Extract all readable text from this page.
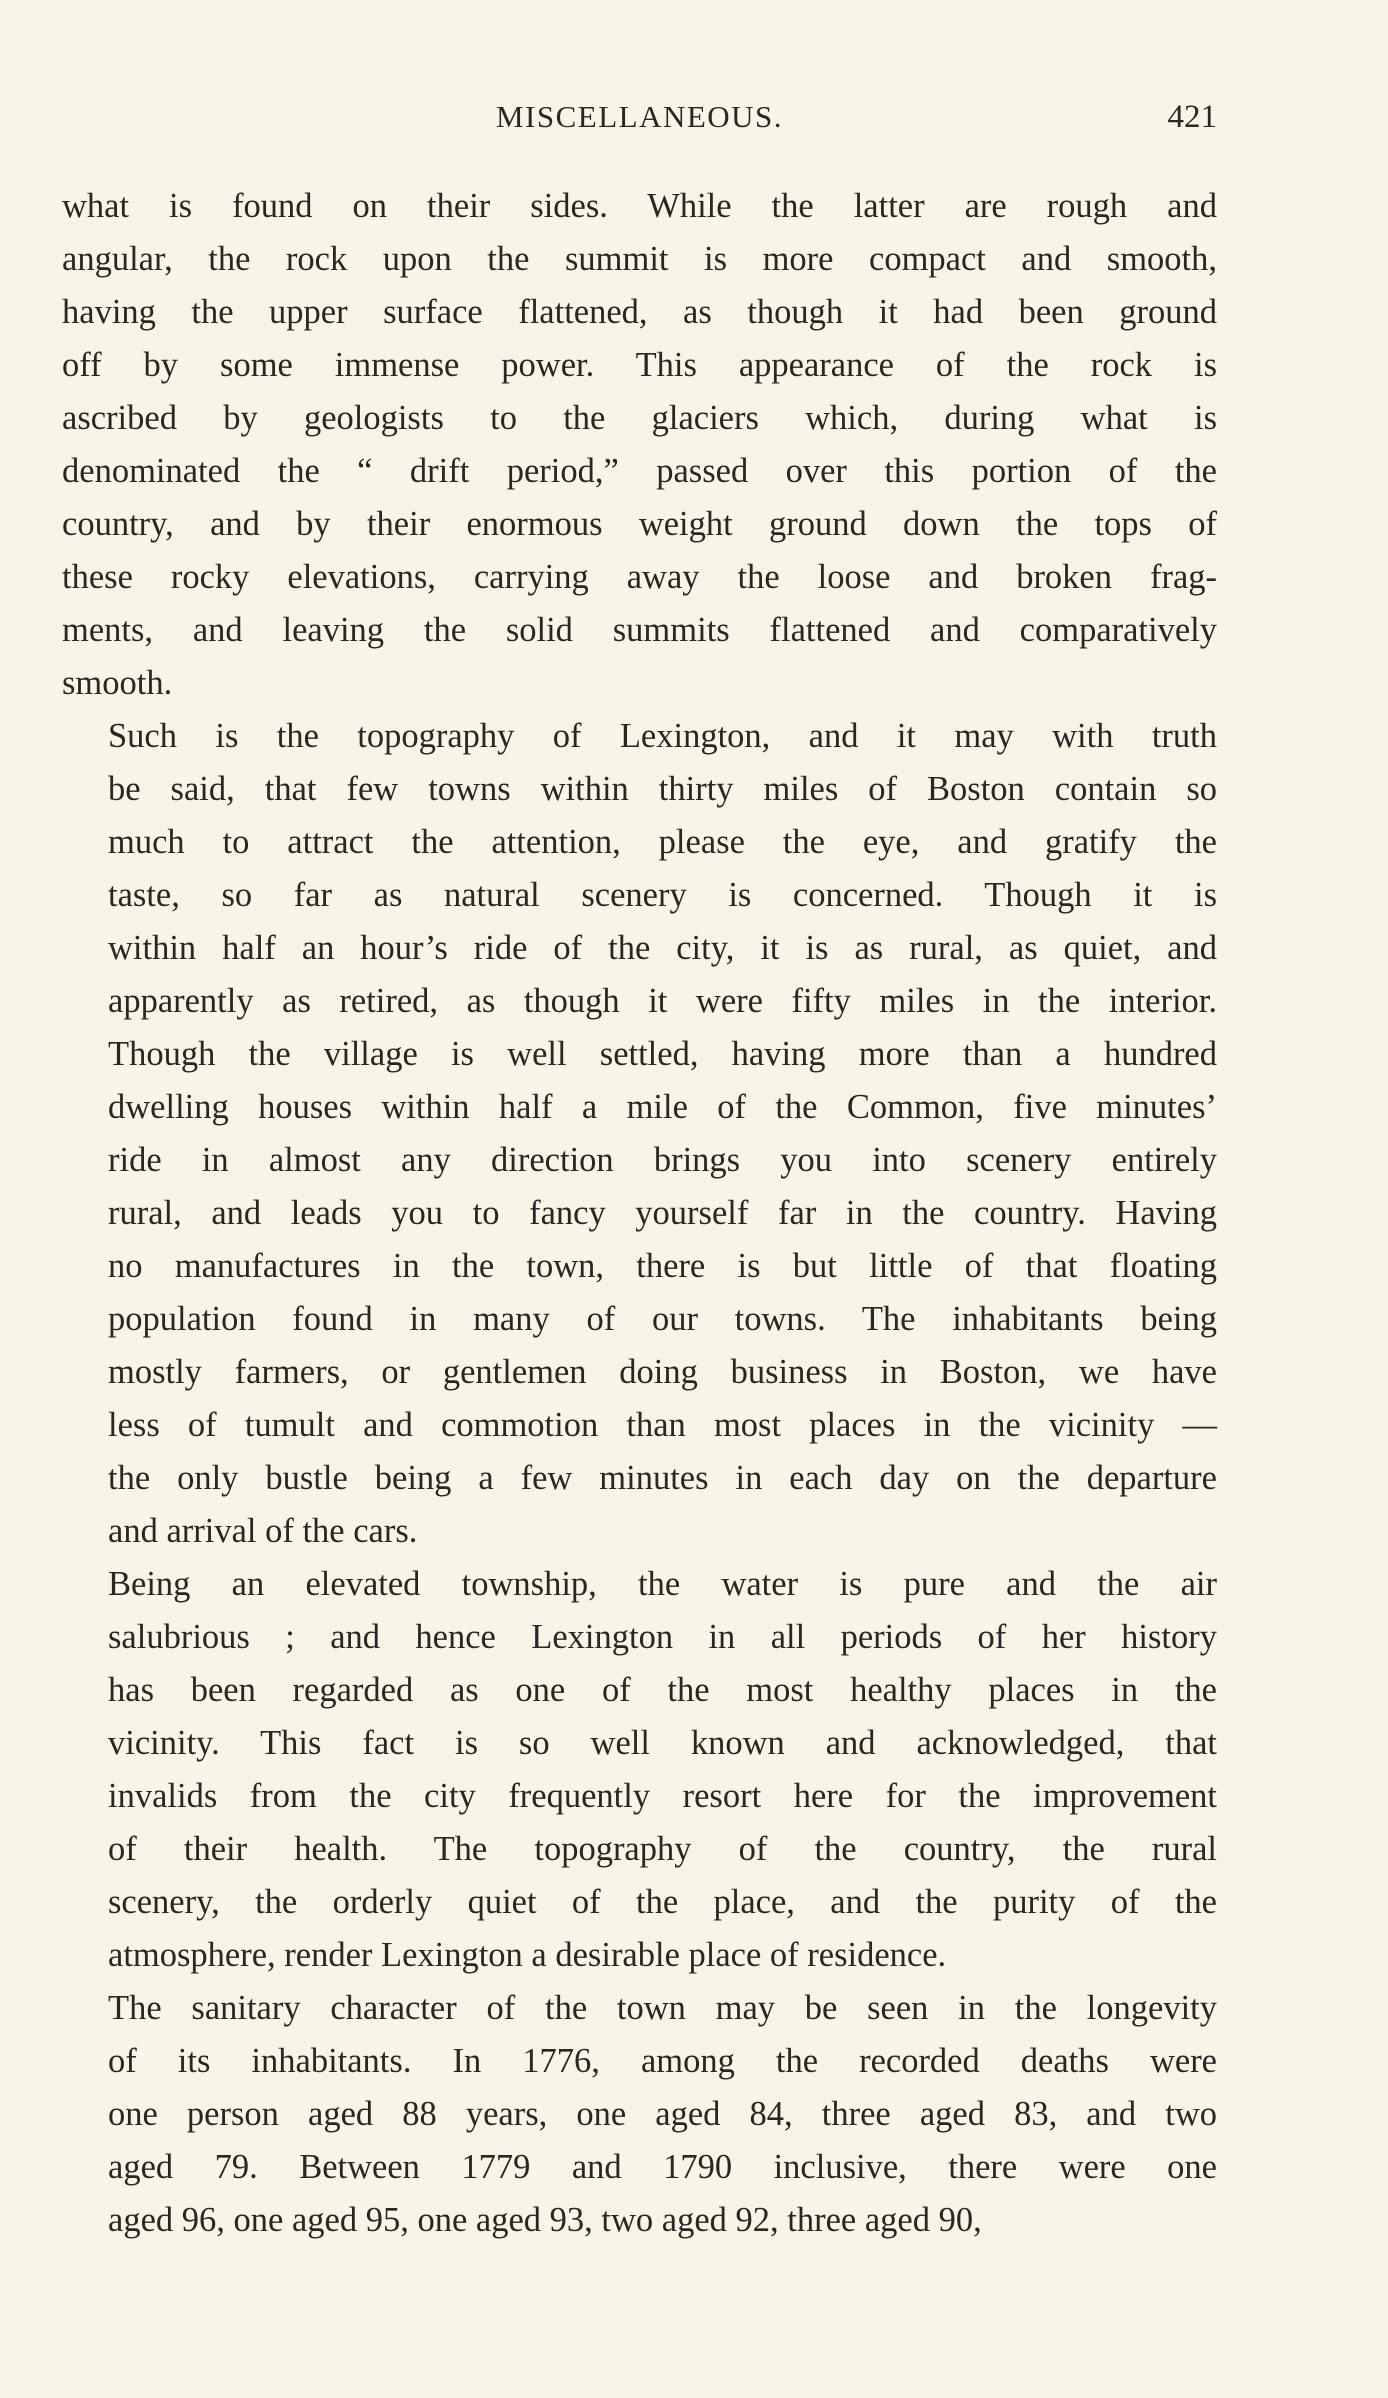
MISCELLANEOUS.	421

what is found on their sides. While the latter are rough and
angular, the rock upon the summit is more compact and smooth,
having the upper surface flattened, as though it had been ground
off by some immense power. This appearance of the rock is
ascribed by geologists to the glaciers which, during what is
denominated the “ drift period,” passed over this portion of the
country, and by their enormous weight ground down the tops of
these rocky elevations, carrying away the loose and broken frag-
ments, and leaving the solid summits flattened and comparatively
smooth.

Such is the topography of Lexington, and it may with truth
be said, that few towns within thirty miles of Boston contain so
much to attract the attention, please the eye, and gratify the
taste, so far as natural scenery is concerned. Though it is
within half an hour’s ride of the city, it is as rural, as quiet, and
apparently as retired, as though it were fifty miles in the interior.
Though the village is well settled, having more than a hundred
dwelling houses within half a mile of the Common, five minutes’
ride in almost any direction brings you into scenery entirely
rural, and leads you to fancy yourself far in the country. Having
no manufactures in the town, there is but little of that floating
population found in many of our towns. The inhabitants being
mostly farmers, or gentlemen doing business in Boston, we have
less of tumult and commotion than most places in the vicinity —
the only bustle being a few minutes in each day on the departure
and arrival of the cars.

Being an elevated township, the water is pure and the air
salubrious ; and hence Lexington in all periods of her history
has been regarded as one of the most healthy places in the
vicinity. This fact is so well known and acknowledged, that
invalids from the city frequently resort here for the improvement
of their health. The topography of the country, the rural
scenery, the orderly quiet of the place, and the purity of the
atmosphere, render Lexington a desirable place of residence.

The sanitary character of the town may be seen in the longevity
of its inhabitants. In 1776, among the recorded deaths were
one person aged 88 years, one aged 84, three aged 83, and two
aged 79. Between 1779 and 1790 inclusive, there were one
aged 96, one aged 95, one aged 93, two aged 92, three aged 90,
